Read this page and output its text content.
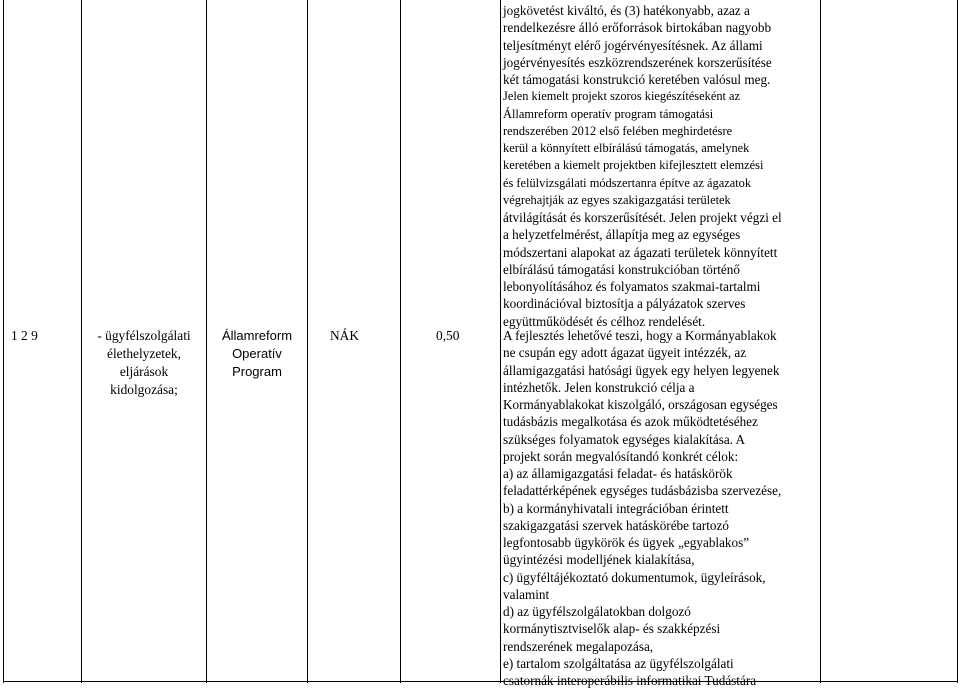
1 2 9	- ügyfélszolgálati
élethelyzetek,
eljárások
kidolgozása;
Államreform
Operatív
Program
NÁK	0,50
jogkövetést kiváltó, és (3) hatékonyabb, azaz a
rendelkezésre álló erőforrások birtokában nagyobb
teljesítményt elérő jogérvényesítésnek. Az állami
jogérvényesítés eszközrendszerének korszerűsítése
két támogatási konstrukció keretében valósul meg.
Jelen kiemelt projekt szoros kiegészítéseként az
Államreform operatív program támogatási
rendszerében 2012 első felében meghirdetésre
kerül a könnyített elbírálású támogatás, amelynek
keretében a kiemelt projektben kifejlesztett elemzési
és felülvizsgálati módszertanra építve az ágazatok
végrehajtják az egyes szakigazgatási területek
átvilágítását és korszerűsítését. Jelen projekt végzi el
a helyzetfelmérést, állapítja meg az egységes
módszertani alapokat az ágazati területek könnyített
elbírálású támogatási konstrukcióban történő
lebonyolításához és folyamatos szakmai-tartalmi
koordinációval biztosítja a pályázatok szerves
együttműködését és célhoz rendelését.
A fejlesztés lehetővé teszi, hogy a Kormányablakok
ne csupán egy adott ágazat ügyeit intézzék, az
államigazgatási hatósági ügyek egy helyen legyenek
intézhetők. Jelen konstrukció célja a
Kormányablakokat kiszolgáló, országosan egységes
tudásbázis megalkotása és azok működtetéséhez
szükséges folyamatok egységes kialakítása. A
projekt során megvalósítandó konkrét célok:
a) az államigazgatási feladat- és hatáskörök
feladattérképének egységes tudásbázisba szervezése,
b) a kormányhivatali integrációban érintett
szakigazgatási szervek hatáskörébe tartozó
legfontosabb ügykörök és ügyek „egyablakos”
ügyintézési modelljének kialakítása,
c) ügyféltájékoztató dokumentumok, ügyleírások,
valamint
d) az ügyfélszolgálatokban dolgozó
kormánytisztviselők alap- és szakképzési
rendszerének megalapozása,
e) tartalom szolgáltatása az ügyfélszolgálati
csatornák interoperábilis informatikai Tudástára
